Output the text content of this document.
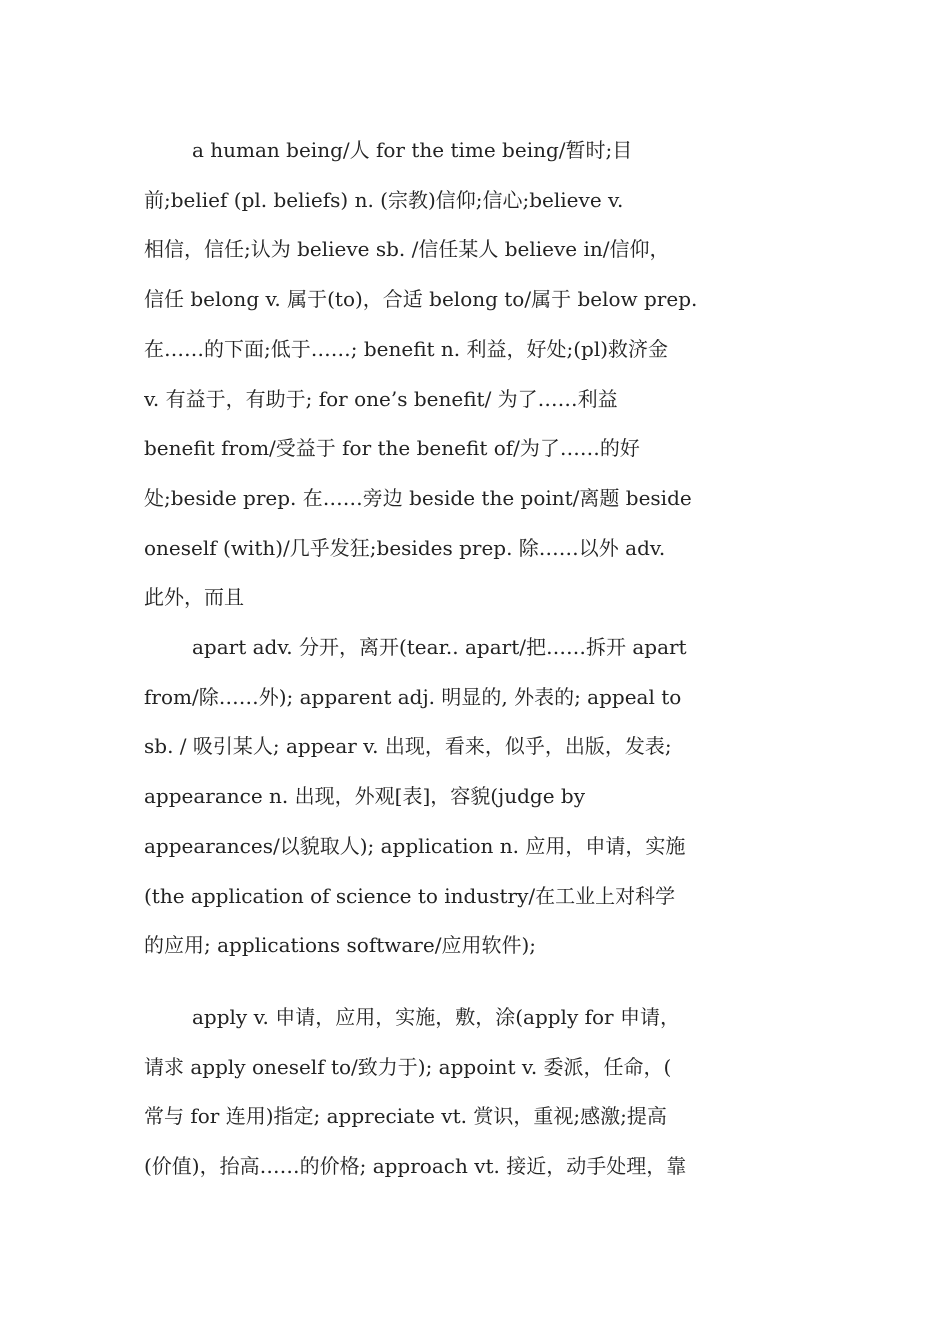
a human being/人 for the time being/暂时;目
前;belief (pl. beliefs) n. (宗教)信仰;信心;believe v.
相信，信任;认为 believe sb. /信任某人 believe in/信仰，
信任 belong v. 属于(to)，合适 belong to/属于 below prep.
在……的下面;低于……; benefit n. 利益，好处;(pl)救济金
v. 有益于，有助于; for one’s benefit/ 为了……利益
benefit from/受益于 for the benefit of/为了……的好
处;beside prep. 在……旁边 beside the point/离题 beside
oneself (with)/几乎发狂;besides prep. 除……以外 adv.
此外，而且
apart adv. 分开，离开(tear.. apart/把……拆开 apart
from/除……外); apparent adj. 明显的, 外表的; appeal to
sb. / 吸引某人; appear v. 出现，看来，似乎，出版，发表;
appearance n. 出现，外观[表]，容貌(judge by
appearances/以貌取人); application n. 应用，申请，实施
(the application of science to industry/在工业上对科学
的应用; applications software/应用软件);
apply v. 申请，应用，实施，敷，涂(apply for 申请，
请求 apply oneself to/致力于); appoint v. 委派，任命，(
常与 for 连用)指定; appreciate vt. 赏识，重视;感激;提高
(价值)，抬高……的价格; approach vt. 接近，动手处理，靠
